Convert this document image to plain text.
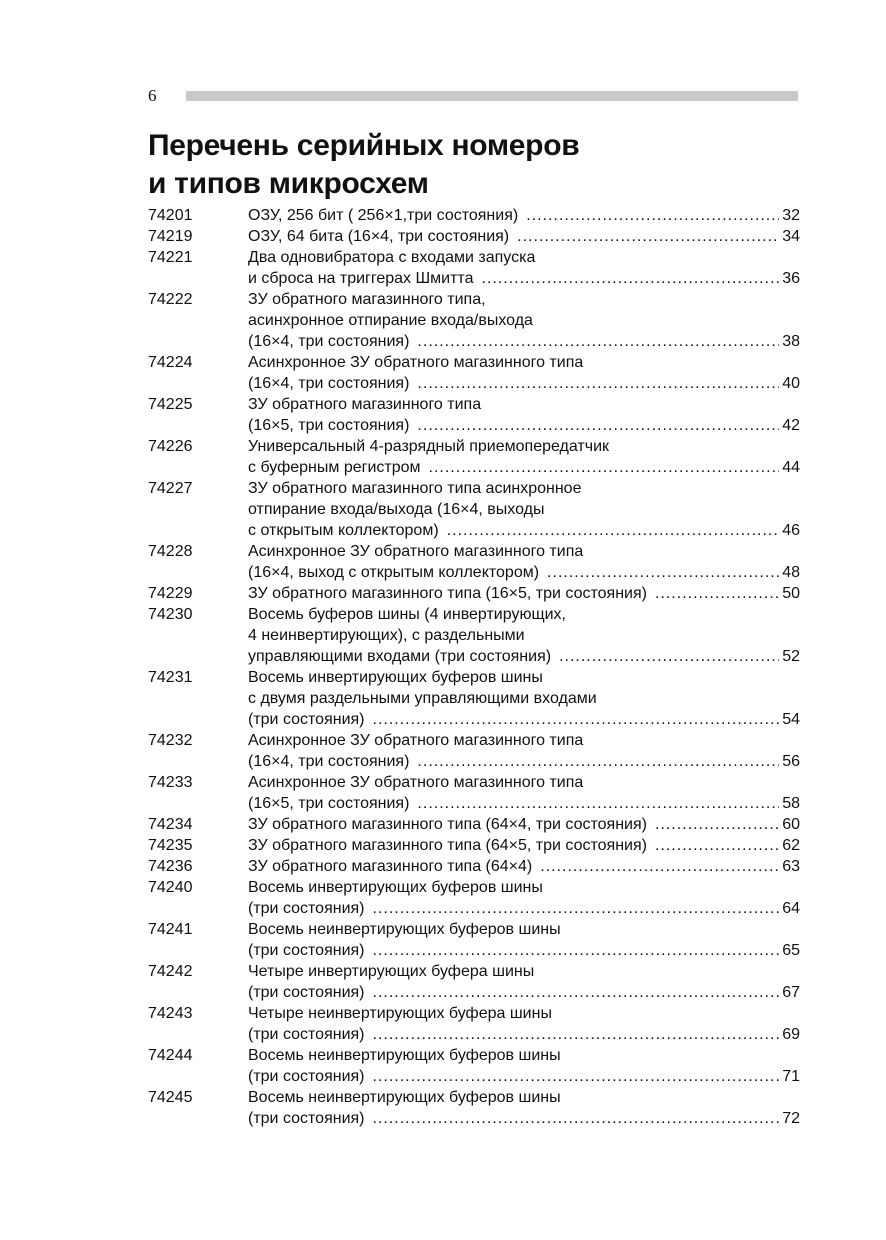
6
Перечень серийных номеров
и типов микросхем
74201	ОЗУ, 256 бит ( 256×1,три состояния) .....	32
74219	ОЗУ, 64 бита (16×4, три состояния) .....	34
74221	Два одновибратора с входами запуска
и сброса на триггерах Шмитта .....	36
74222	ЗУ обратного магазинного типа,
асинхронное отпирание входа/выхода
(16×4, три состояния) .....	38
74224	Асинхронное ЗУ обратного магазинного типа
(16×4, три состояния) .....	40
74225	ЗУ обратного магазинного типа
(16×5, три состояния) .....	42
74226	Универсальный 4-разрядный приемопередатчик
с буферным регистром .....	44
74227	ЗУ обратного магазинного типа асинхронное
отпирание входа/выхода (16×4, выходы
с открытым коллектором) .....	46
74228	Асинхронное ЗУ обратного магазинного типа
(16×4, выход с открытым коллектором) .....	48
74229	ЗУ обратного магазинного типа (16×5, три состояния) .....	50
74230	Восемь буферов шины (4 инвертирующих,
4 неинвертирующих), с раздельными
управляющими входами (три состояния) .....	52
74231	Восемь инвертирующих буферов шины
с двумя раздельными управляющими входами
(три состояния) .....	54
74232	Асинхронное ЗУ обратного магазинного типа
(16×4, три состояния) .....	56
74233	Асинхронное ЗУ обратного магазинного типа
(16×5, три состояния) .....	58
74234	ЗУ обратного магазинного типа (64×4, три состояния) .....	60
74235	ЗУ обратного магазинного типа (64×5, три состояния) .....	62
74236	ЗУ обратного магазинного типа (64×4) .....	63
74240	Восемь инвертирующих буферов шины
(три состояния) .....	64
74241	Восемь неинвертирующих буферов шины
(три состояния) .....	65
74242	Четыре инвертирующих буфера шины
(три состояния) .....	67
74243	Четыре неинвертирующих буфера шины
(три состояния) .....	69
74244	Восемь неинвертирующих буферов шины
(три состояния) .....	71
74245	Восемь неинвертирующих буферов шины
(три состояния) .....	72
